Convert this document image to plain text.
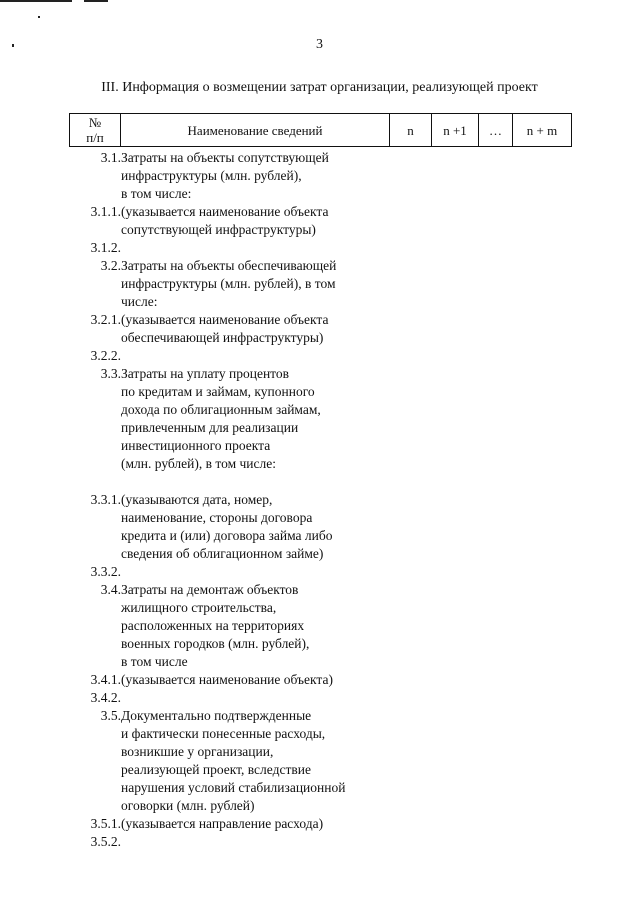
3
III. Информация о возмещении затрат организации, реализующей проект
№
п/п	Наименование сведений	n	n +1	…	n + m
3.1. Затраты на объекты сопутствующей
инфраструктуры (млн. рублей),
в том числе:
3.1.1. (указывается наименование объекта
сопутствующей инфраструктуры)
3.1.2.
3.2. Затраты на объекты обеспечивающей
инфраструктуры (млн. рублей), в том
числе:
3.2.1. (указывается наименование объекта
обеспечивающей инфраструктуры)
3.2.2.
3.3. Затраты на уплату процентов
по кредитам и займам, купонного
дохода по облигационным займам,
привлеченным для реализации
инвестиционного проекта
(млн. рублей), в том числе:
3.3.1. (указываются дата, номер,
наименование, стороны договора
кредита и (или) договора займа либо
сведения об облигационном займе)
3.3.2.
3.4. Затраты на демонтаж объектов
жилищного строительства,
расположенных на территориях
военных городков (млн. рублей),
в том числе
3.4.1. (указывается наименование объекта)
3.4.2.
3.5. Документально подтвержденные
и фактически понесенные расходы,
возникшие у организации,
реализующей проект, вследствие
нарушения условий стабилизационной
оговорки (млн. рублей)
3.5.1. (указывается направление расхода)
3.5.2.
